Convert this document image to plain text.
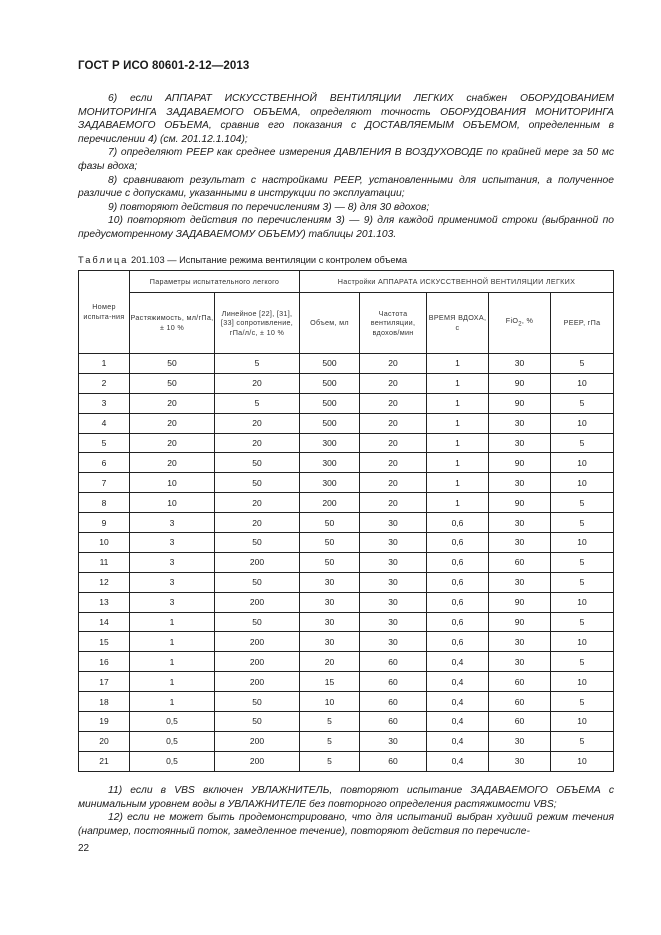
ГОСТ Р ИСО 80601-2-12—2013

6) если АППАРАТ ИСКУССТВЕННОЙ ВЕНТИЛЯЦИИ ЛЕГКИХ снабжен ОБОРУДОВАНИЕМ МОНИТОРИНГА ЗАДАВАЕМОГО ОБЪЕМА, определяют точность ОБОРУДОВАНИЯ МОНИТОРИНГА ЗАДАВАЕМОГО ОБЪЕМА, сравнив его показания с ДОСТАВЛЯЕМЫМ ОБЪЕМОМ, определенным в перечислении 4) (см. 201.12.1.104);

7) определяют PEEP как среднее измерения ДАВЛЕНИЯ В ВОЗДУХОВОДЕ по крайней мере за 50 мс фазы вдоха;

8) сравнивают результат с настройками PEEP, установленными для испытания, а полученное различие с допусками, указанными в инструкции по эксплуатации;

9) повторяют действия по перечислениям 3) — 8) для 30 вдохов;

10) повторяют действия по перечислениям 3) — 9) для каждой применимой строки (выбранной по предусмотренному ЗАДАВАЕМОМУ ОБЪЕМУ) таблицы 201.103.

Таблица 201.103 — Испытание режима вентиляции с контролем объема
Номер испыта-ния	Параметры испытательного легкого		Настройки АППАРАТА ИСКУССТВЕННОЙ ВЕНТИЛЯЦИИ ЛЕГКИХ				
	Растяжимость, мл/гПа, ± 10 %	Линейное [22], [31], [33] сопротивление, гПа/л/с, ± 10 %	Объем, мл	Частота вентиляции, вдохов/мин	ВРЕМЯ ВДОХА, с	FiO$_2$, %	PEEP, гПа
1	50	5	500	20	1	30	5
2	50	20	500	20	1	90	10
3	20	5	500	20	1	90	5
4	20	20	500	20	1	30	10
5	20	20	300	20	1	30	5
6	20	50	300	20	1	90	10
7	10	50	300	20	1	30	10
8	10	20	200	20	1	90	5
9	3	20	50	30	0,6	30	5
10	3	50	50	30	0,6	30	10
11	3	200	50	30	0,6	60	5
12	3	50	30	30	0,6	30	5
13	3	200	30	30	0,6	90	10
14	1	50	30	30	0,6	90	5
15	1	200	30	30	0,6	30	10
16	1	200	20	60	0,4	30	5
17	1	200	15	60	0,4	60	10
18	1	50	10	60	0,4	60	5
19	0,5	50	5	60	0,4	60	10
20	0,5	200	5	30	0,4	30	5
21	0,5	200	5	60	0,4	30	10

11) если в VBS включен УВЛАЖНИТЕЛЬ, повторяют испытание ЗАДАВАЕМОГО ОБЪЕМА с минимальным уровнем воды в УВЛАЖНИТЕЛЕ без повторного определения растяжимости VBS;

12) если не может быть продемонстрировано, что для испытаний выбран худший режим течения (например, постоянный поток, замедленное течение), повторяют действия по перечисле-

22
